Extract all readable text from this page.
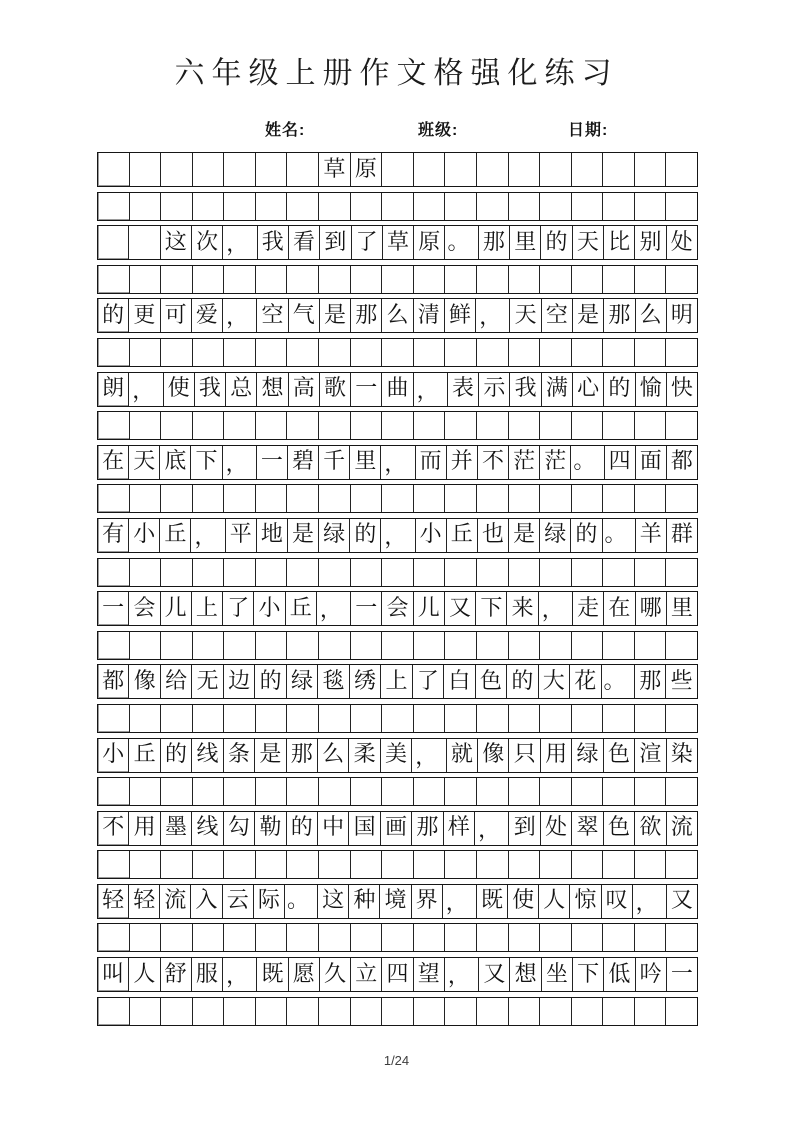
六年级上册作文格强化练习
姓名:	班级:	日期:
草 原
这 次 ， 我 看 到 了 草 原 。 那 里 的 天 比 别 处
的 更 可 爱 ， 空 气 是 那 么 清 鲜 ， 天 空 是 那 么 明
朗 ， 使 我 总 想 高 歌 一 曲 ， 表 示 我 满 心 的 愉 快
在 天 底 下 ， 一 碧 千 里 ， 而 并 不 茫 茫 。 四 面 都
有 小 丘 ， 平 地 是 绿 的 ， 小 丘 也 是 绿 的 。 羊 群
一 会 儿 上 了 小 丘 ， 一 会 儿 又 下 来 ， 走 在 哪 里
都 像 给 无 边 的 绿 毯 绣 上 了 白 色 的 大 花 。 那 些
小 丘 的 线 条 是 那 么 柔 美 ， 就 像 只 用 绿 色 渲 染
不 用 墨 线 勾 勒 的 中 国 画 那 样 ， 到 处 翠 色 欲 流
轻 轻 流 入 云 际 。 这 种 境 界 ， 既 使 人 惊 叹 ， 又
叫 人 舒 服 ， 既 愿 久 立 四 望 ， 又 想 坐 下 低 吟 一
1/24
